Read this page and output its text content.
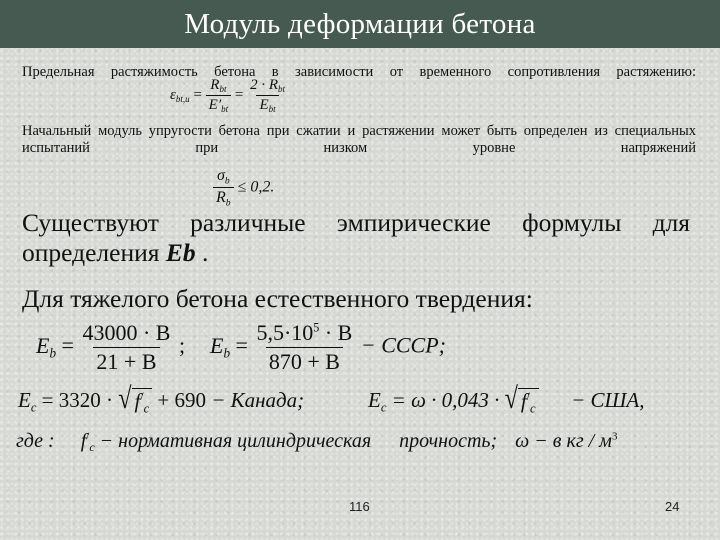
Модуль деформации бетона
Предельная растяжимость бетона в зависимости от временного сопротивления растяжению:
$\varepsilon_{bt,u} = \frac{R_{bt}}{E'_{bt}} = \frac{2 \cdot R_{bt}}{E_{bt}}$
Начальный модуль упругости бетона при сжатии и растяжении может быть определен из специальных испытаний при низком уровне напряжений
$\frac{\sigma_b}{R_b} \le 0,2$.
Существуют различные эмпирические формулы для
определения Eb .
Для тяжелого бетона естественного твердения:
$E_b = \frac{43000 \cdot B}{21 + B}$ ; $E_b = \frac{5,5\cdot 10^5 \cdot B}{870 + B}$ − СССР;
$E_c = 3320$ · √ $f^/_c + 690$ − Канада;	$E_c = \omega \cdot 0,043$ · √ $f^/_c$ − США,
где : $f^/_c$ − нормативная цилиндрическая прочность; ω − в кг / $м^3$
116	24
